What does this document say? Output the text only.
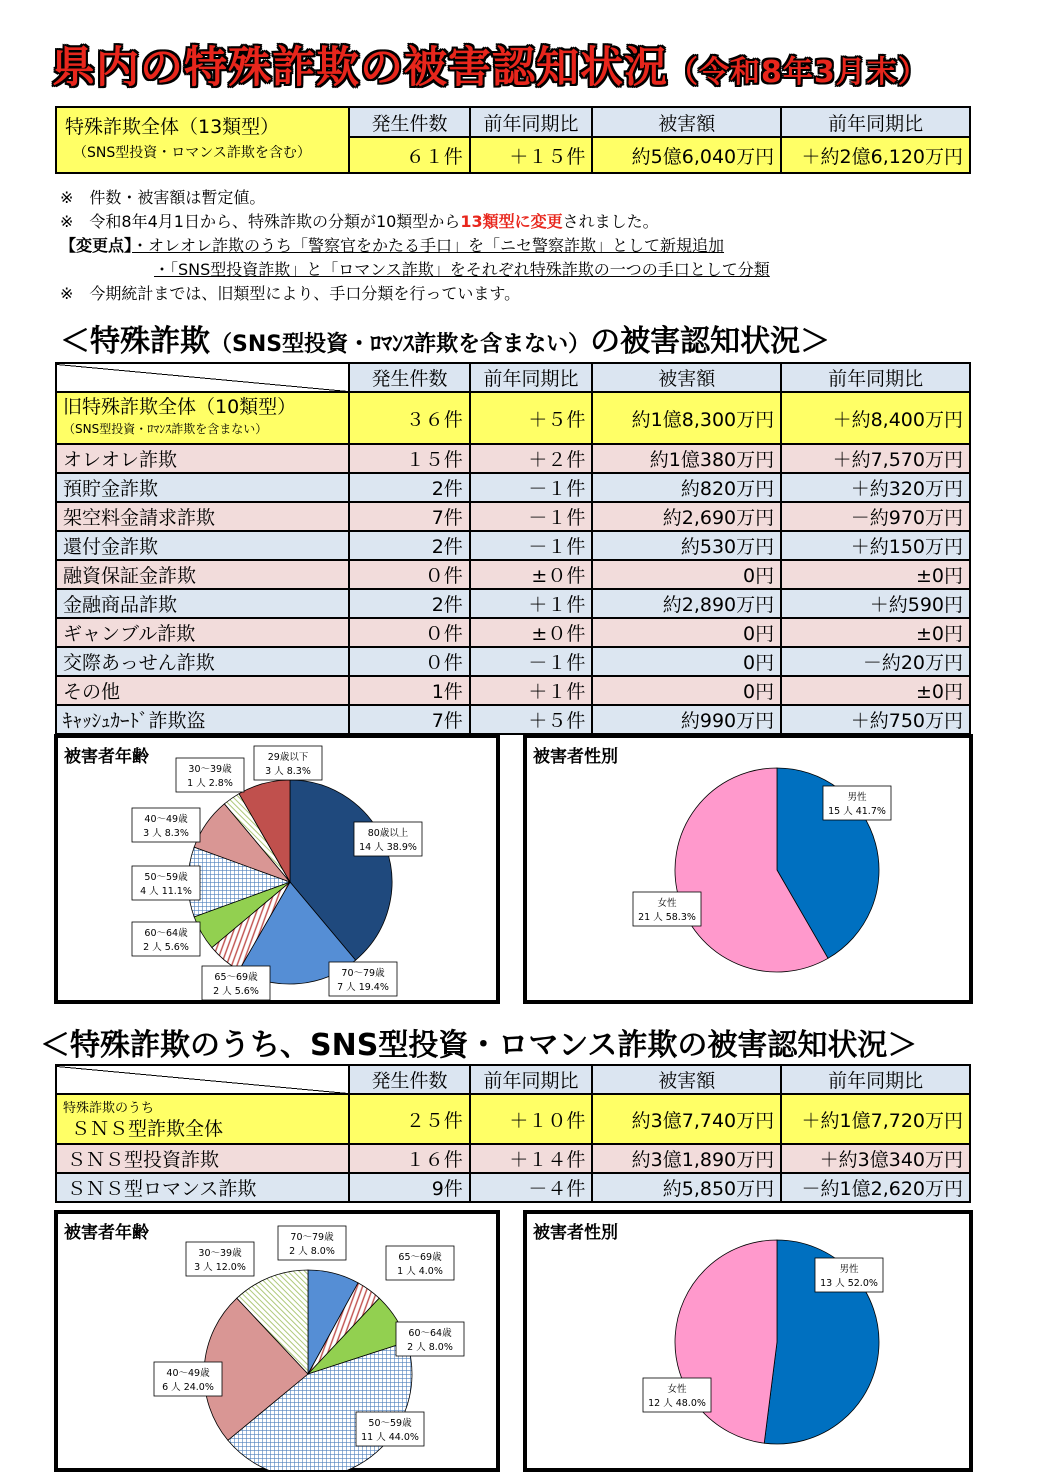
県内の特殊詐欺の被害認知状況（令和8年3月末）
特殊詐欺全体（13類型）
（SNS型投資・ロマンス詐欺を含む）	発生件数	前年同期比	被害額	前年同期比
	６１件	＋１５件	約5億6,040万円	＋約2億6,120万円

※　件数・被害額は暫定値。

※　令和8年4月1日から、特殊詐欺の分類が10類型から13類型に変更されました。

【変更点】・オレオレ詐欺のうち「警察官をかたる手口」を「ニセ警察詐欺」として新規追加

・「SNS型投資詐欺」と「ロマンス詐欺」をそれぞれ特殊詐欺の一つの手口として分類

※　今期統計までは、旧類型により、手口分類を行っています。

＜特殊詐欺（SNS型投資・ﾛﾏﾝｽ詐欺を含まない）の被害認知状況＞
	発生件数	前年同期比	被害額	前年同期比

旧特殊詐欺全体（10類型）
（SNS型投資・ﾛﾏﾝｽ詐欺を含まない）	３６件	＋５件	約1億8,300万円	＋約8,400万円
オレオレ詐欺	１５件	＋２件	約1億380万円	＋約7,570万円
預貯金詐欺	2件	－１件	約820万円	＋約320万円
架空料金請求詐欺	7件	－１件	約2,690万円	－約970万円
還付金詐欺	2件	－１件	約530万円	＋約150万円
融資保証金詐欺	０件	±０件	0円	±0円
金融商品詐欺	2件	＋１件	約2,890万円	＋約590円
ギャンブル詐欺	０件	±０件	0円	±0円
交際あっせん詐欺	０件	－１件	0円	－約20万円
その他	1件	＋１件	0円	±0円
ｷｬｯｼｭｶｰﾄﾞ詐欺盗	7件	＋５件	約990万円	＋約750万円
被害者年齢
80歳以上
14 人 38.9%
70～79歳
7 人 19.4%
65～69歳
2 人 5.6%
60～64歳
2 人 5.6%
50～59歳
4 人 11.1%
40～49歳
3 人 8.3%
30～39歳
1 人 2.8%
29歳以下
3 人 8.3%
被害者性別
男性
15 人 41.7%
女性
21 人 58.3%
＜特殊詐欺のうち、SNS型投資・ロマンス詐欺の被害認知状況＞
	発生件数	前年同期比	被害額	前年同期比

特殊詐欺のうち
ＳＮＳ型詐欺全体	２５件	＋１０件	約3億7,740万円	＋約1億7,720万円
ＳＮＳ型投資詐欺	１６件	＋１４件	約3億1,890万円	＋約3億340万円
ＳＮＳ型ロマンス詐欺	9件	－４件	約5,850万円	－約1億2,620万円
被害者年齢	70～79歳
2 人 8.0%
65～69歳
1 人 4.0%
60～64歳
2 人 8.0%
50～59歳
11 人 44.0%
40～49歳
6 人 24.0%
30～39歳
3 人 12.0%
被害者性別
男性
13 人 52.0%
女性
12 人 48.0%
